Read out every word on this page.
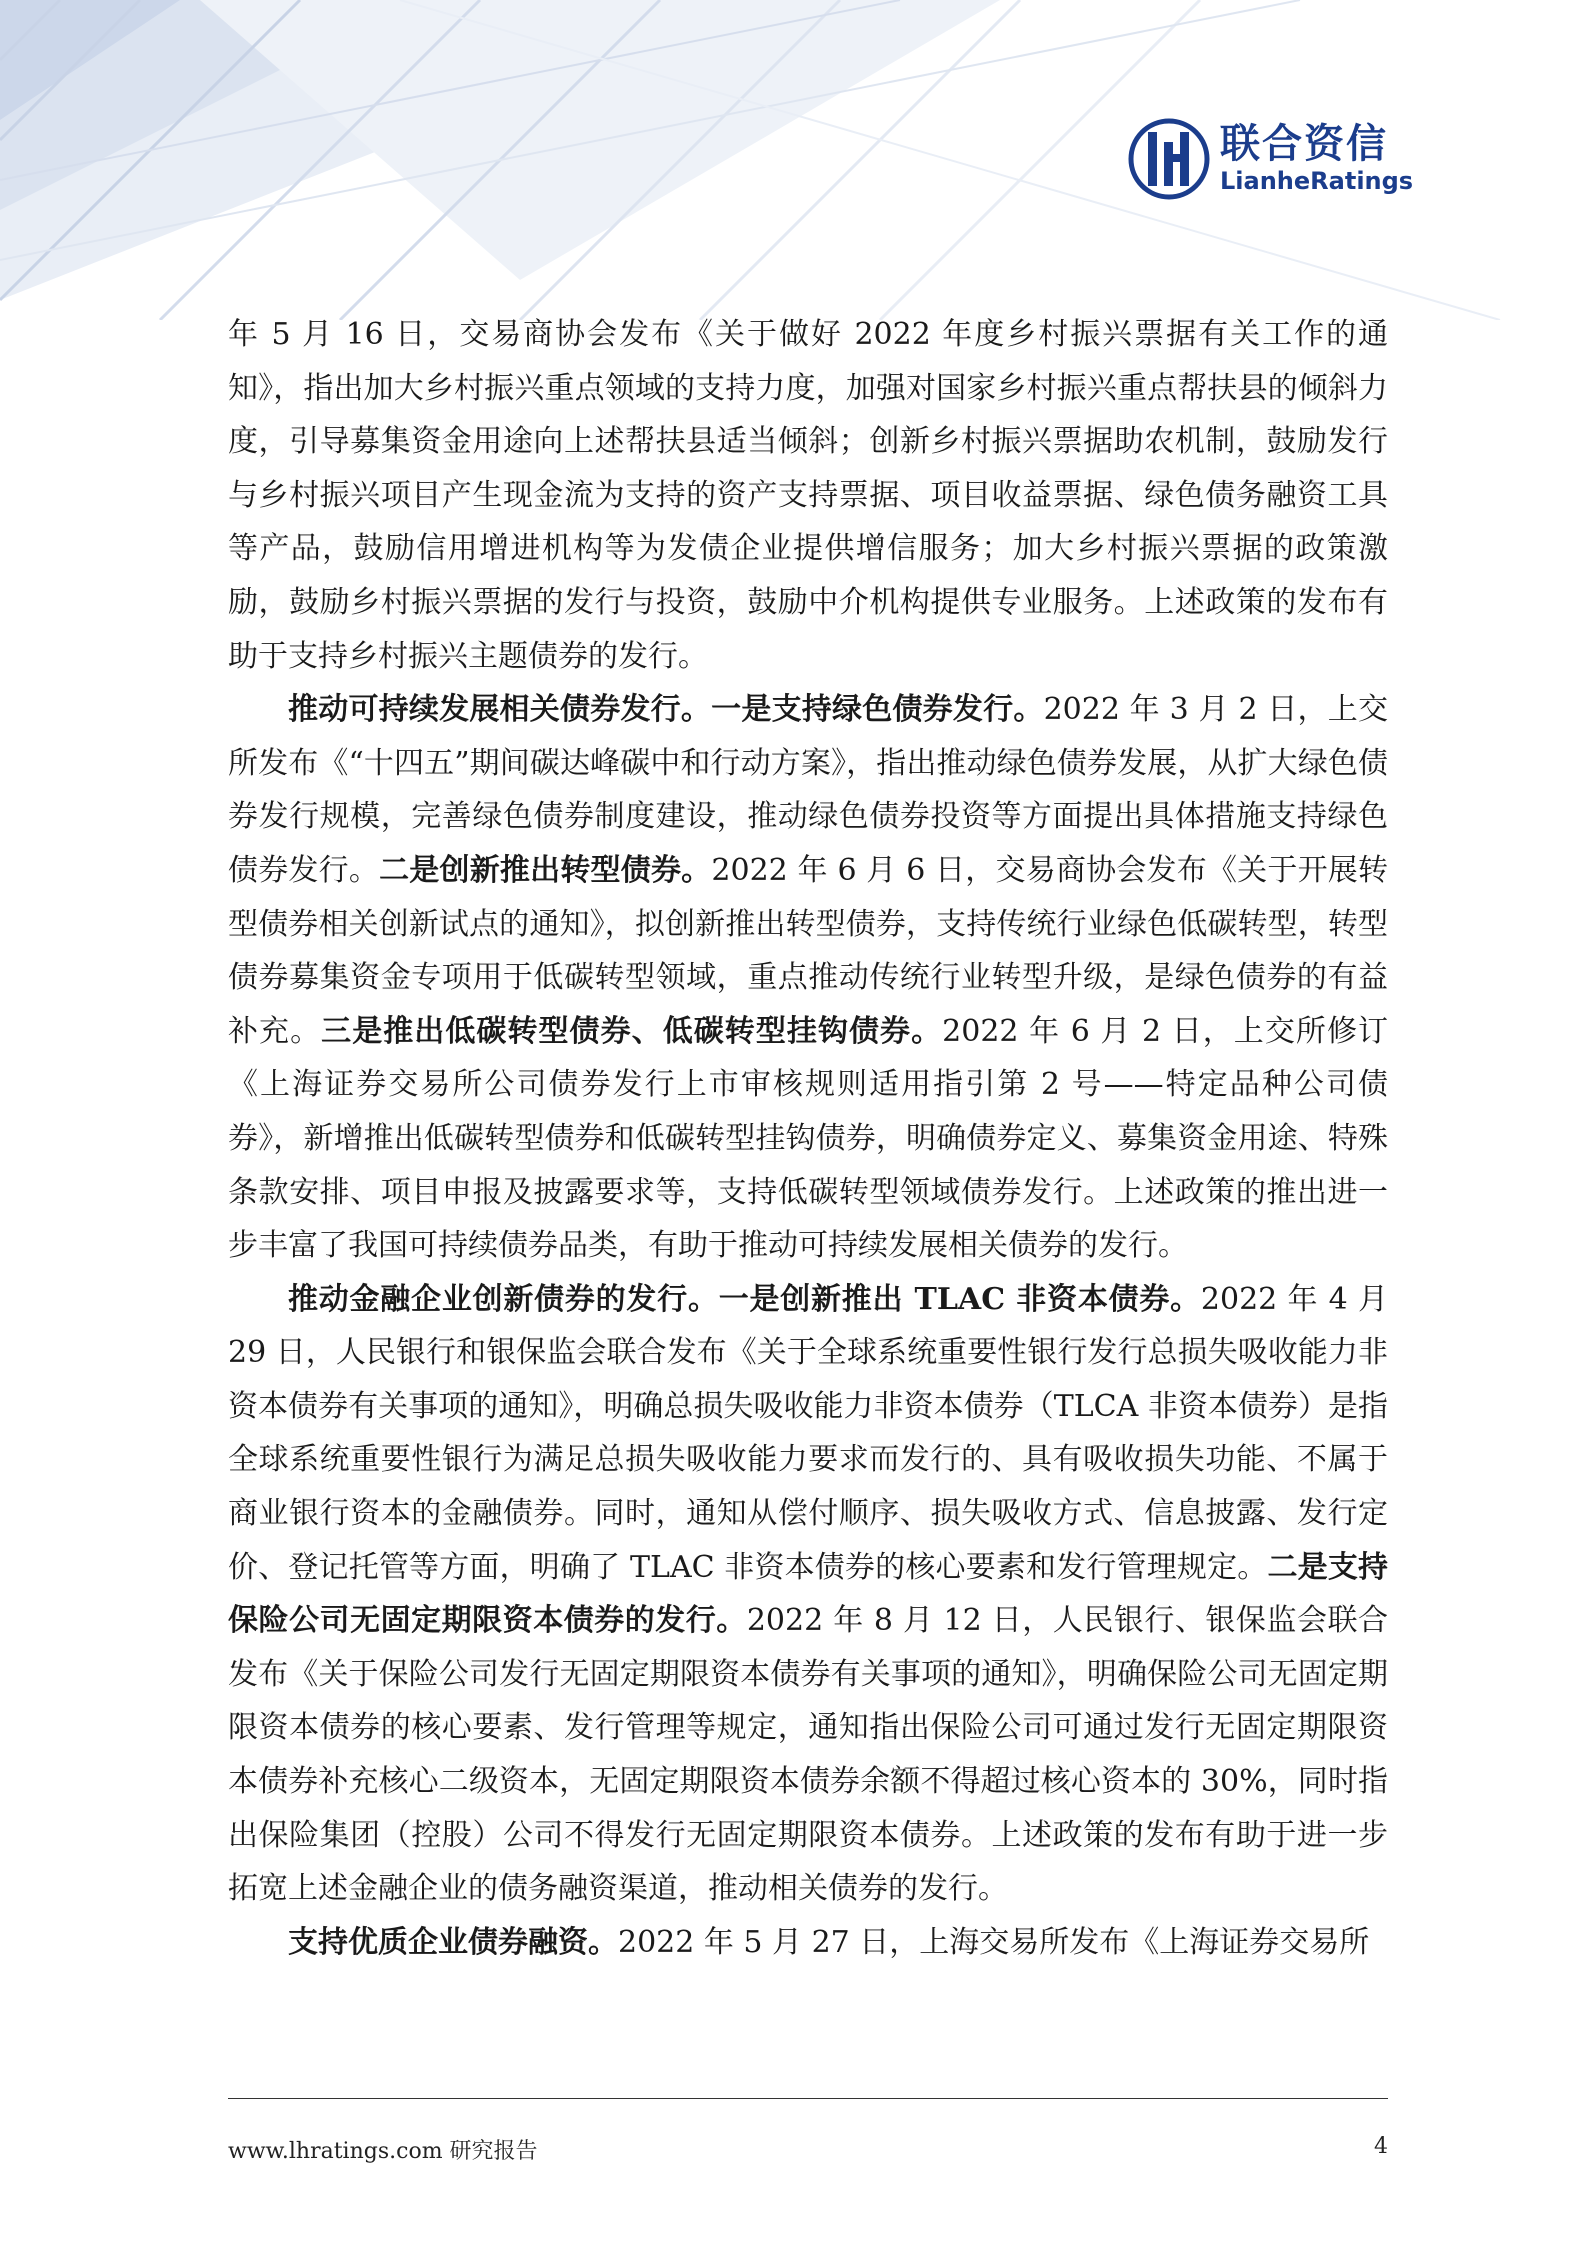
联合资信
LianheRatings

年 5 月 16 日，交易商协会发布《关于做好 2022 年度乡村振兴票据有关工作的通知》，指出加大乡村振兴重点领域的支持力度，加强对国家乡村振兴重点帮扶县的倾斜力度，引导募集资金用途向上述帮扶县适当倾斜；创新乡村振兴票据助农机制，鼓励发行与乡村振兴项目产生现金流为支持的资产支持票据、项目收益票据、绿色债务融资工具等产品，鼓励信用增进机构等为发债企业提供增信服务；加大乡村振兴票据的政策激励，鼓励乡村振兴票据的发行与投资，鼓励中介机构提供专业服务。上述政策的发布有助于支持乡村振兴主题债券的发行。

推动可持续发展相关债券发行。一是支持绿色债券发行。2022 年 3 月 2 日，上交所发布《“十四五”期间碳达峰碳中和行动方案》，指出推动绿色债券发展，从扩大绿色债券发行规模，完善绿色债券制度建设，推动绿色债券投资等方面提出具体措施支持绿色债券发行。二是创新推出转型债券。2022 年 6 月 6 日，交易商协会发布《关于开展转型债券相关创新试点的通知》，拟创新推出转型债券，支持传统行业绿色低碳转型，转型债券募集资金专项用于低碳转型领域，重点推动传统行业转型升级，是绿色债券的有益补充。三是推出低碳转型债券、低碳转型挂钩债券。2022 年 6 月 2 日，上交所修订《上海证券交易所公司债券发行上市审核规则适用指引第 2 号——特定品种公司债券》，新增推出低碳转型债券和低碳转型挂钩债券，明确债券定义、募集资金用途、特殊条款安排、项目申报及披露要求等，支持低碳转型领域债券发行。上述政策的推出进一步丰富了我国可持续债券品类，有助于推动可持续发展相关债券的发行。

推动金融企业创新债券的发行。一是创新推出 TLAC 非资本债券。2022 年 4 月 29 日，人民银行和银保监会联合发布《关于全球系统重要性银行发行总损失吸收能力非资本债券有关事项的通知》，明确总损失吸收能力非资本债券（TLCA 非资本债券）是指全球系统重要性银行为满足总损失吸收能力要求而发行的、具有吸收损失功能、不属于商业银行资本的金融债券。同时，通知从偿付顺序、损失吸收方式、信息披露、发行定价、登记托管等方面，明确了 TLAC 非资本债券的核心要素和发行管理规定。二是支持保险公司无固定期限资本债券的发行。2022 年 8 月 12 日，人民银行、银保监会联合发布《关于保险公司发行无固定期限资本债券有关事项的通知》，明确保险公司无固定期限资本债券的核心要素、发行管理等规定，通知指出保险公司可通过发行无固定期限资本债券补充核心二级资本，无固定期限资本债券余额不得超过核心资本的 30%，同时指出保险集团（控股）公司不得发行无固定期限资本债券。上述政策的发布有助于进一步拓宽上述金融企业的债务融资渠道，推动相关债券的发行。

支持优质企业债券融资。2022 年 5 月 27 日，上海交易所发布《上海证券交易所

www.lhratings.com 研究报告	4
